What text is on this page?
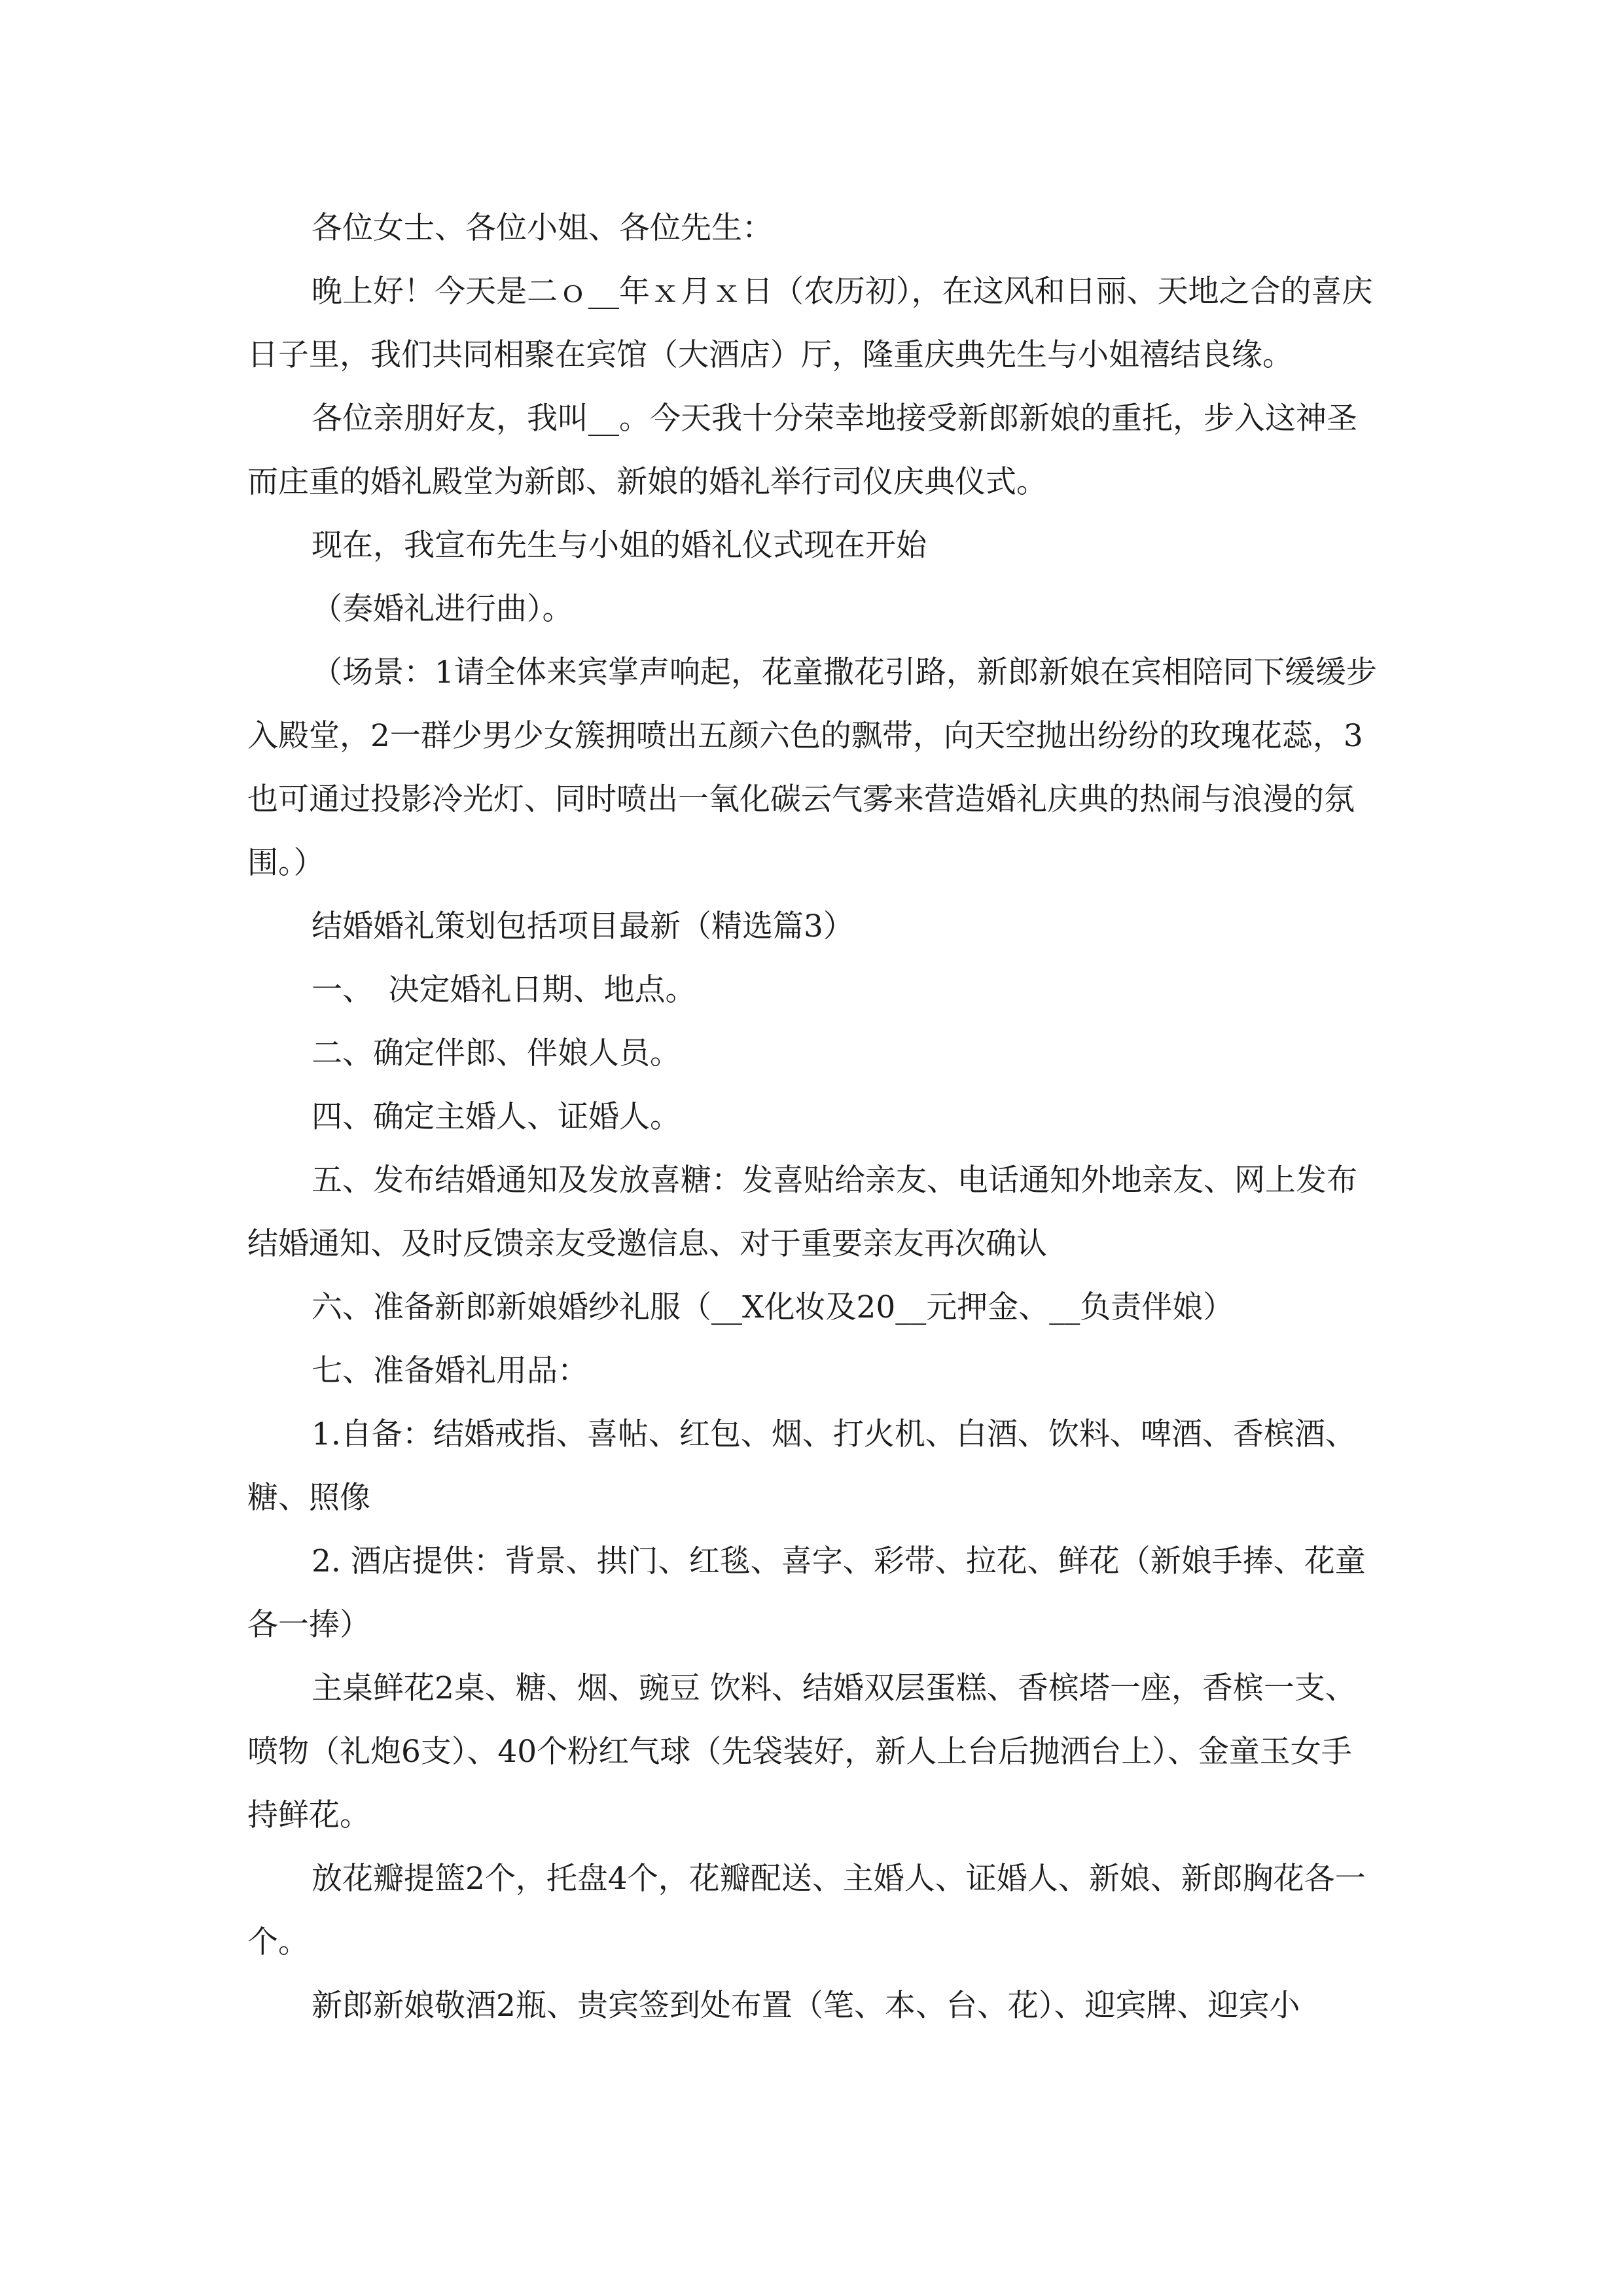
各位女士、各位小姐、各位先生：

晚上好！今天是二ｏ__年ｘ月ｘ日（农历初），在这风和日丽、天地之合的喜庆日子里，我们共同相聚在宾馆（大酒店）厅，隆重庆典先生与小姐禧结良缘。

各位亲朋好友，我叫__。今天我十分荣幸地接受新郎新娘的重托，步入这神圣而庄重的婚礼殿堂为新郎、新娘的婚礼举行司仪庆典仪式。

现在，我宣布先生与小姐的婚礼仪式现在开始

（奏婚礼进行曲）。

（场景：1请全体来宾掌声响起，花童撒花引路，新郎新娘在宾相陪同下缓缓步入殿堂，2一群少男少女簇拥喷出五颜六色的飘带，向天空抛出纷纷的玫瑰花蕊，3也可通过投影冷光灯、同时喷出一氧化碳云气雾来营造婚礼庆典的热闹与浪漫的氛围。）

结婚婚礼策划包括项目最新（精选篇3）

一、　决定婚礼日期、地点。

二、确定伴郎、伴娘人员。

四、确定主婚人、证婚人。

五、发布结婚通知及发放喜糖：发喜贴给亲友、电话通知外地亲友、网上发布结婚通知、及时反馈亲友受邀信息、对于重要亲友再次确认

六、准备新郎新娘婚纱礼服（__X化妆及20__元押金、__负责伴娘）

七、准备婚礼用品：

1.自备：结婚戒指、喜帖、红包、烟、打火机、白酒、饮料、啤酒、香槟酒、糖、照像

2. 酒店提供：背景、拱门、红毯、喜字、彩带、拉花、鲜花（新娘手捧、花童各一捧）

主桌鲜花2桌、糖、烟、豌豆 饮料、结婚双层蛋糕、香槟塔一座，香槟一支、喷物（礼炮6支）、40个粉红气球（先袋装好，新人上台后抛洒台上）、金童玉女手持鲜花。

放花瓣提篮2个，托盘4个，花瓣配送、主婚人、证婚人、新娘、新郎胸花各一个。

新郎新娘敬酒2瓶、贵宾签到处布置（笔、本、台、花）、迎宾牌、迎宾小
